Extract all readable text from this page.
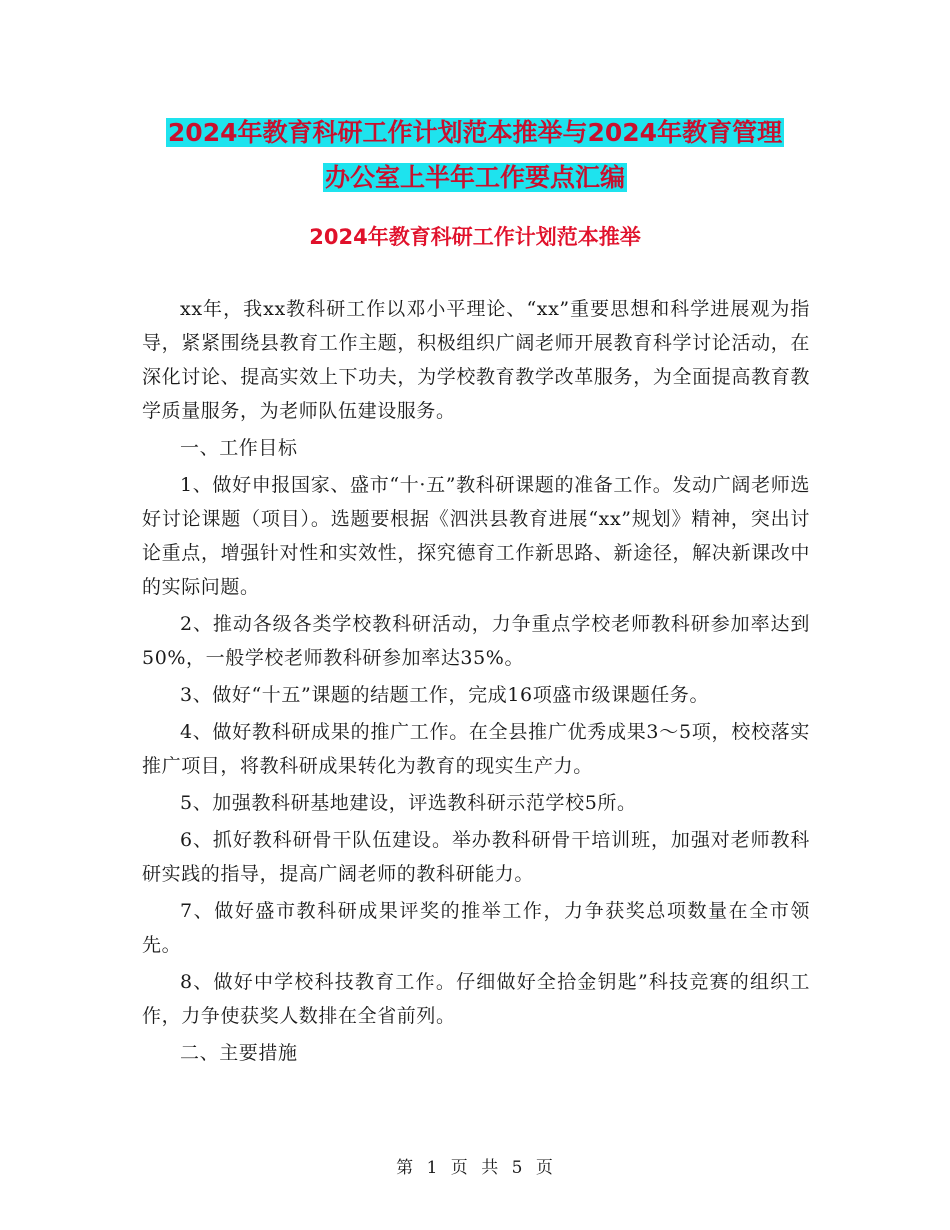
2024年教育科研工作计划范本推举与2024年教育管理
办公室上半年工作要点汇编
2024年教育科研工作计划范本推举

xx年，我xx教科研工作以邓小平理论、“xx”重要思想和科学进展观为指导，紧紧围绕县教育工作主题，积极组织广阔老师开展教育科学讨论活动，在深化讨论、提高实效上下功夫，为学校教育教学改革服务，为全面提高教育教学质量服务，为老师队伍建设服务。

一、工作目标

1、做好申报国家、盛市“十·五”教科研课题的准备工作。发动广阔老师选好讨论课题（项目）。选题要根据《泗洪县教育进展“xx”规划》精神，突出讨论重点，增强针对性和实效性，探究德育工作新思路、新途径，解决新课改中的实际问题。

2、推动各级各类学校教科研活动，力争重点学校老师教科研参加率达到50%，一般学校老师教科研参加率达35%。

3、做好“十五”课题的结题工作，完成16项盛市级课题任务。

4、做好教科研成果的推广工作。在全县推广优秀成果3～5项，校校落实推广项目，将教科研成果转化为教育的现实生产力。

5、加强教科研基地建设，评选教科研示范学校5所。

6、抓好教科研骨干队伍建设。举办教科研骨干培训班，加强对老师教科研实践的指导，提高广阔老师的教科研能力。

7、做好盛市教科研成果评奖的推举工作，力争获奖总项数量在全市领先。

8、做好中学校科技教育工作。仔细做好全拾金钥匙”科技竞赛的组织工作，力争使获奖人数排在全省前列。

二、主要措施

第 1 页 共 5 页
